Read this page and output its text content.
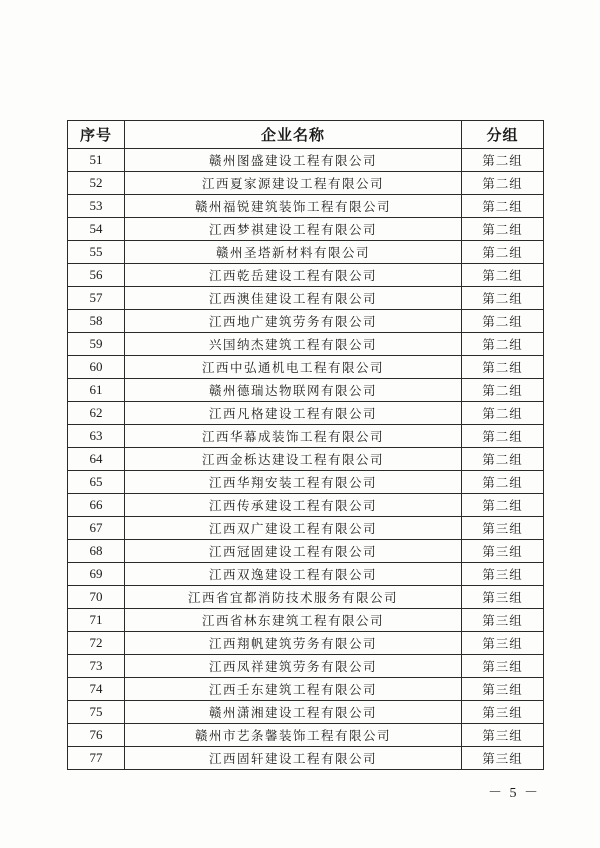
序号	企业名称	分组
51	赣州图盛建设工程有限公司	第二组
52	江西夏家源建设工程有限公司	第二组
53	赣州福锐建筑装饰工程有限公司	第二组
54	江西梦祺建设工程有限公司	第二组
55	赣州圣塔新材料有限公司	第二组
56	江西乾岳建设工程有限公司	第二组
57	江西澳佳建设工程有限公司	第二组
58	江西地广建筑劳务有限公司	第二组
59	兴国纳杰建筑工程有限公司	第二组
60	江西中弘通机电工程有限公司	第二组
61	赣州德瑞达物联网有限公司	第二组
62	江西凡格建设工程有限公司	第二组
63	江西华幕成装饰工程有限公司	第二组
64	江西金栎达建设工程有限公司	第二组
65	江西华翔安装工程有限公司	第二组
66	江西传承建设工程有限公司	第二组
67	江西双广建设工程有限公司	第三组
68	江西冠固建设工程有限公司	第三组
69	江西双逸建设工程有限公司	第三组
70	江西省宜都消防技术服务有限公司	第三组
71	江西省林东建筑工程有限公司	第三组
72	江西翔帆建筑劳务有限公司	第三组
73	江西凤祥建筑劳务有限公司	第三组
74	江西壬东建筑工程有限公司	第三组
75	赣州潇湘建设工程有限公司	第三组
76	赣州市艺条馨装饰工程有限公司	第三组
77	江西固轩建设工程有限公司	第三组
－ 5 －
